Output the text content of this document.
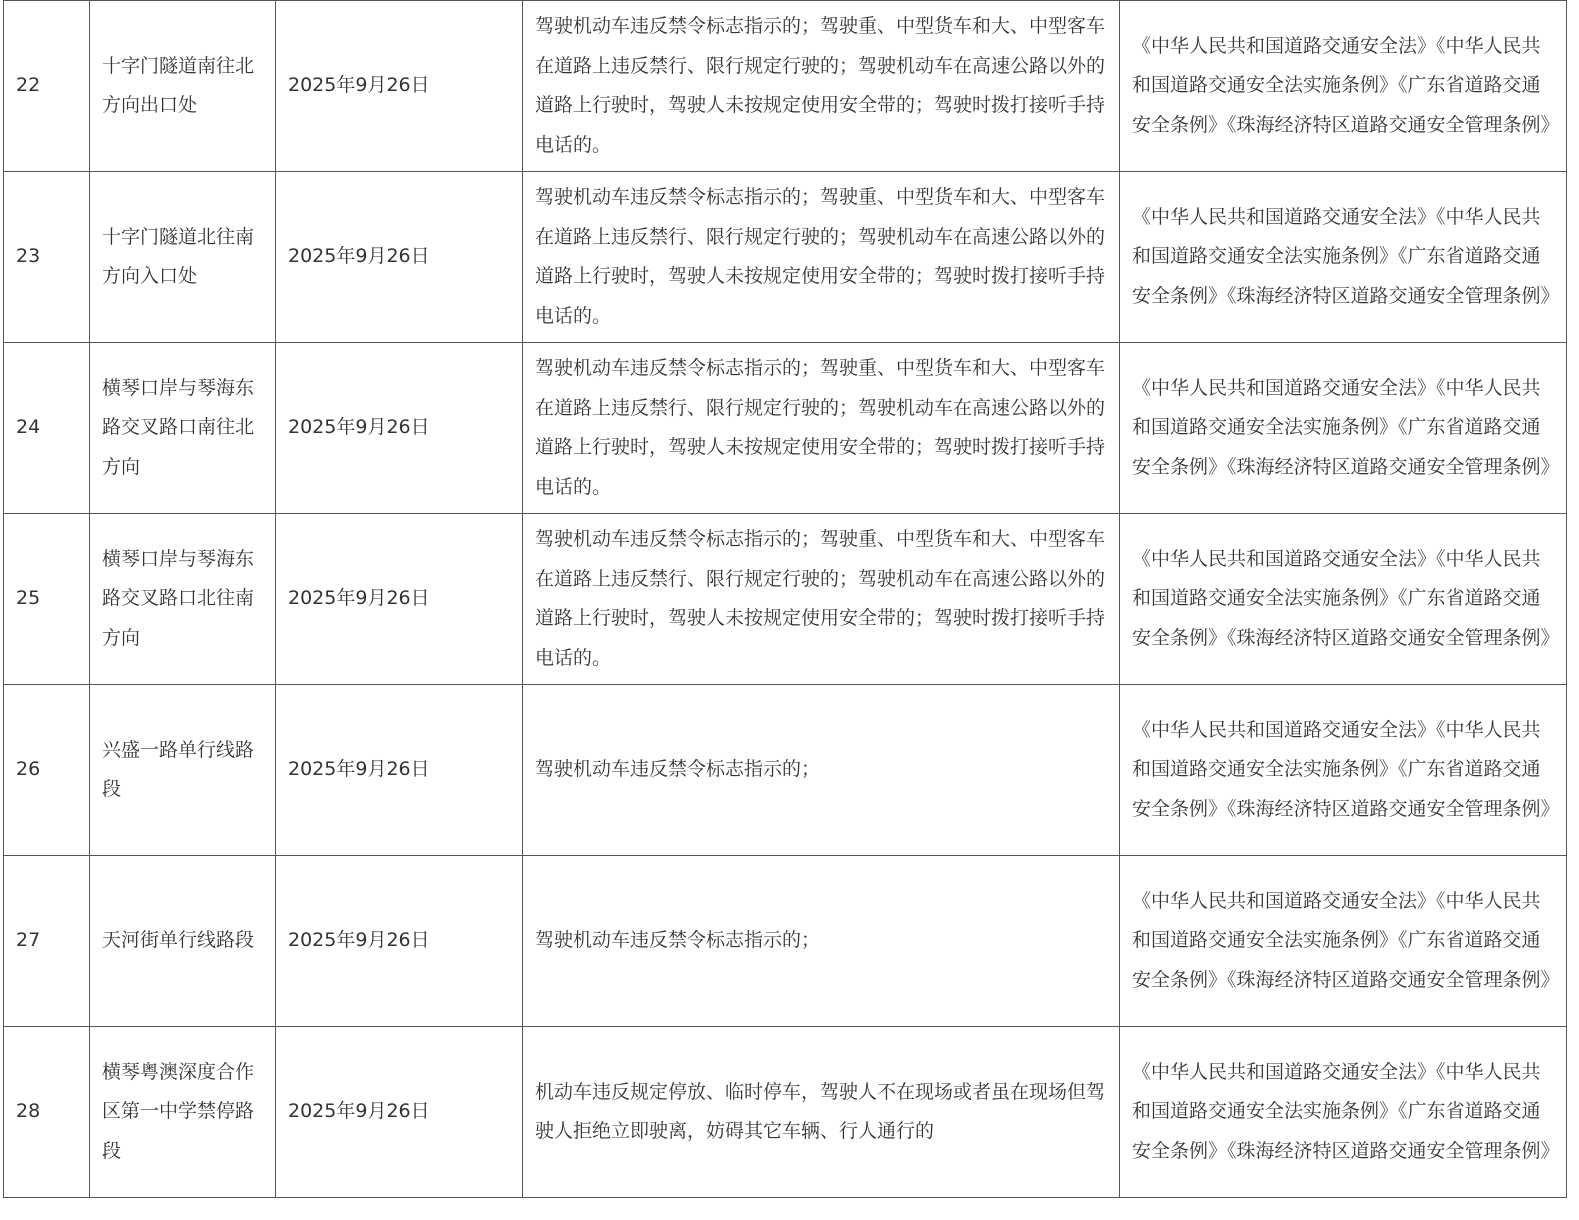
22	十字门隧道南往北方向出口处	2025年9月26日	驾驶机动车违反禁令标志指示的；驾驶重、中型货车和大、中型客车在道路上违反禁行、限行规定行驶的；驾驶机动车在高速公路以外的道路上行驶时，驾驶人未按规定使用安全带的；驾驶时拨打接听手持电话的。	《中华人民共和国道路交通安全法》《中华人民共和国道路交通安全法实施条例》《广东省道路交通安全条例》《珠海经济特区道路交通安全管理条例》
23	十字门隧道北往南方向入口处	2025年9月26日	驾驶机动车违反禁令标志指示的；驾驶重、中型货车和大、中型客车在道路上违反禁行、限行规定行驶的；驾驶机动车在高速公路以外的道路上行驶时，驾驶人未按规定使用安全带的；驾驶时拨打接听手持电话的。	《中华人民共和国道路交通安全法》《中华人民共和国道路交通安全法实施条例》《广东省道路交通安全条例》《珠海经济特区道路交通安全管理条例》
24	横琴口岸与琴海东路交叉路口南往北方向	2025年9月26日	驾驶机动车违反禁令标志指示的；驾驶重、中型货车和大、中型客车在道路上违反禁行、限行规定行驶的；驾驶机动车在高速公路以外的道路上行驶时，驾驶人未按规定使用安全带的；驾驶时拨打接听手持电话的。	《中华人民共和国道路交通安全法》《中华人民共和国道路交通安全法实施条例》《广东省道路交通安全条例》《珠海经济特区道路交通安全管理条例》
25	横琴口岸与琴海东路交叉路口北往南方向	2025年9月26日	驾驶机动车违反禁令标志指示的；驾驶重、中型货车和大、中型客车在道路上违反禁行、限行规定行驶的；驾驶机动车在高速公路以外的道路上行驶时，驾驶人未按规定使用安全带的；驾驶时拨打接听手持电话的。	《中华人民共和国道路交通安全法》《中华人民共和国道路交通安全法实施条例》《广东省道路交通安全条例》《珠海经济特区道路交通安全管理条例》
26	兴盛一路单行线路段	2025年9月26日	驾驶机动车违反禁令标志指示的；	《中华人民共和国道路交通安全法》《中华人民共和国道路交通安全法实施条例》《广东省道路交通安全条例》《珠海经济特区道路交通安全管理条例》
27	天河街单行线路段	2025年9月26日	驾驶机动车违反禁令标志指示的；	《中华人民共和国道路交通安全法》《中华人民共和国道路交通安全法实施条例》《广东省道路交通安全条例》《珠海经济特区道路交通安全管理条例》
28	横琴粤澳深度合作区第一中学禁停路段	2025年9月26日	机动车违反规定停放、临时停车，驾驶人不在现场或者虽在现场但驾驶人拒绝立即驶离，妨碍其它车辆、行人通行的	《中华人民共和国道路交通安全法》《中华人民共和国道路交通安全法实施条例》《广东省道路交通安全条例》《珠海经济特区道路交通安全管理条例》
